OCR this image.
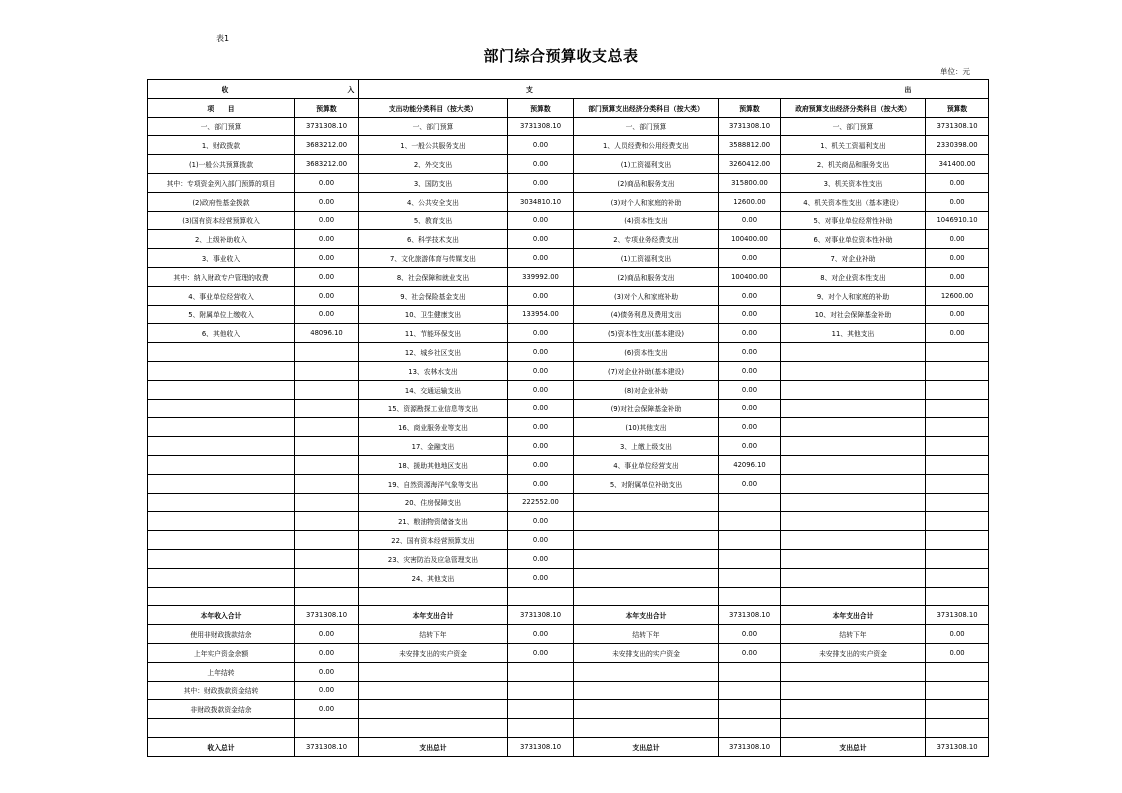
表1
部门综合预算收支总表
单位：元
收 入		支 出					

项　　目	预算数	支出功能分类科目（按大类）	预算数	部门预算支出经济分类科目（按大类）	预算数	政府预算支出经济分类科目（按大类）	预算数
一、部门预算	3731308.10	一、部门预算	3731308.10	一、部门预算	3731308.10	一、部门预算	3731308.10
1、财政拨款	3683212.00	1、一般公共服务支出	0.00	1、人员经费和公用经费支出	3588812.00	1、机关工资福利支出	2330398.00
(1)一般公共预算拨款	3683212.00	2、外交支出	0.00	(1)工资福利支出	3260412.00	2、机关商品和服务支出	341400.00
其中：专项资金列入部门预算的项目	0.00	3、国防支出	0.00	(2)商品和服务支出	315800.00	3、机关资本性支出	0.00
(2)政府性基金拨款	0.00	4、公共安全支出	3034810.10	(3)对个人和家庭的补助	12600.00	4、机关资本性支出（基本建设）	0.00
(3)国有资本经营预算收入	0.00	5、教育支出	0.00	(4)资本性支出	0.00	5、对事业单位经常性补助	1046910.10
2、上级补助收入	0.00	6、科学技术支出	0.00	2、专项业务经费支出	100400.00	6、对事业单位资本性补助	0.00
3、事业收入	0.00	7、文化旅游体育与传媒支出	0.00	(1)工资福利支出	0.00	7、对企业补助	0.00
其中：纳入财政专户管理的收费	0.00	8、社会保障和就业支出	339992.00	(2)商品和服务支出	100400.00	8、对企业资本性支出	0.00
4、事业单位经营收入	0.00	9、社会保险基金支出	0.00	(3)对个人和家庭补助	0.00	9、对个人和家庭的补助	12600.00
5、附属单位上缴收入	0.00	10、卫生健康支出	133954.00	(4)债务利息及费用支出	0.00	10、对社会保障基金补助	0.00
6、其他收入	48096.10	11、节能环保支出	0.00	(5)资本性支出(基本建设)	0.00	11、其他支出	0.00
		12、城乡社区支出	0.00	(6)资本性支出	0.00		
		13、农林水支出	0.00	(7)对企业补助(基本建设)	0.00		
		14、交通运输支出	0.00	(8)对企业补助	0.00		
		15、资源勘探工业信息等支出	0.00	(9)对社会保障基金补助	0.00		
		16、商业服务业等支出	0.00	(10)其他支出	0.00		
		17、金融支出	0.00	3、上缴上级支出	0.00		
		18、援助其他地区支出	0.00	4、事业单位经营支出	42096.10		
		19、自然资源海洋气象等支出	0.00	5、对附属单位补助支出	0.00		
		20、住房保障支出	222552.00				
		21、粮油物资储备支出	0.00				
		22、国有资本经营预算支出	0.00				
		23、灾害防治及应急管理支出	0.00				
		24、其他支出	0.00				

本年收入合计	3731308.10	本年支出合计	3731308.10	本年支出合计	3731308.10	本年支出合计	3731308.10
使用非财政拨款结余	0.00	结转下年	0.00	结转下年	0.00	结转下年	0.00
上年实户资金余额	0.00	未安排支出的实户资金	0.00	未安排支出的实户资金	0.00	未安排支出的实户资金	0.00
上年结转	0.00						
其中：财政拨款资金结转	0.00						
非财政拨款资金结余	0.00						

收入总计	3731308.10	支出总计	3731308.10	支出总计	3731308.10	支出总计	3731308.10
